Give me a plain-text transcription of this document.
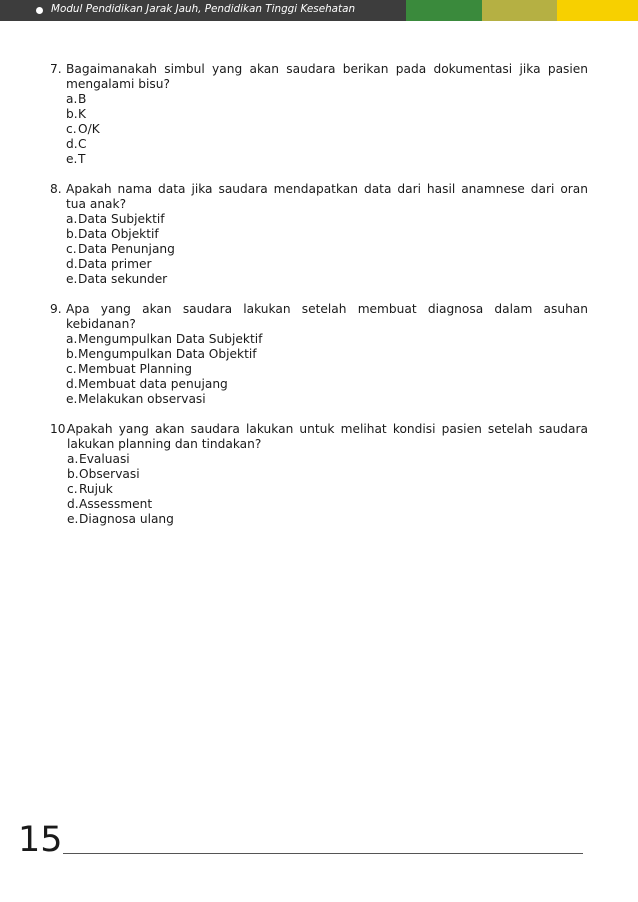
Modul Pendidikan Jarak Jauh, Pendidikan Tinggi Kesehatan
7. Bagaimanakah simbul yang akan saudara berikan pada dokumentasi jika pasien mengalami bisu?
a. B
b. K
c. O/K
d. C
e. T
8. Apakah nama data jika saudara mendapatkan data dari hasil anamnese dari oran tua anak?
a. Data Subjektif
b. Data Objektif
c. Data Penunjang
d. Data primer
e. Data sekunder
9. Apa yang akan saudara lakukan setelah membuat diagnosa dalam asuhan kebidanan?
a. Mengumpulkan Data Subjektif
b. Mengumpulkan Data Objektif
c. Membuat Planning
d. Membuat data penujang
e. Melakukan observasi
10.
Apakah yang akan saudara lakukan untuk melihat kondisi pasien setelah saudara lakukan planning dan tindakan?
a. Evaluasi
b. Observasi
c. Rujuk
d. Assessment
e. Diagnosa ulang
15
